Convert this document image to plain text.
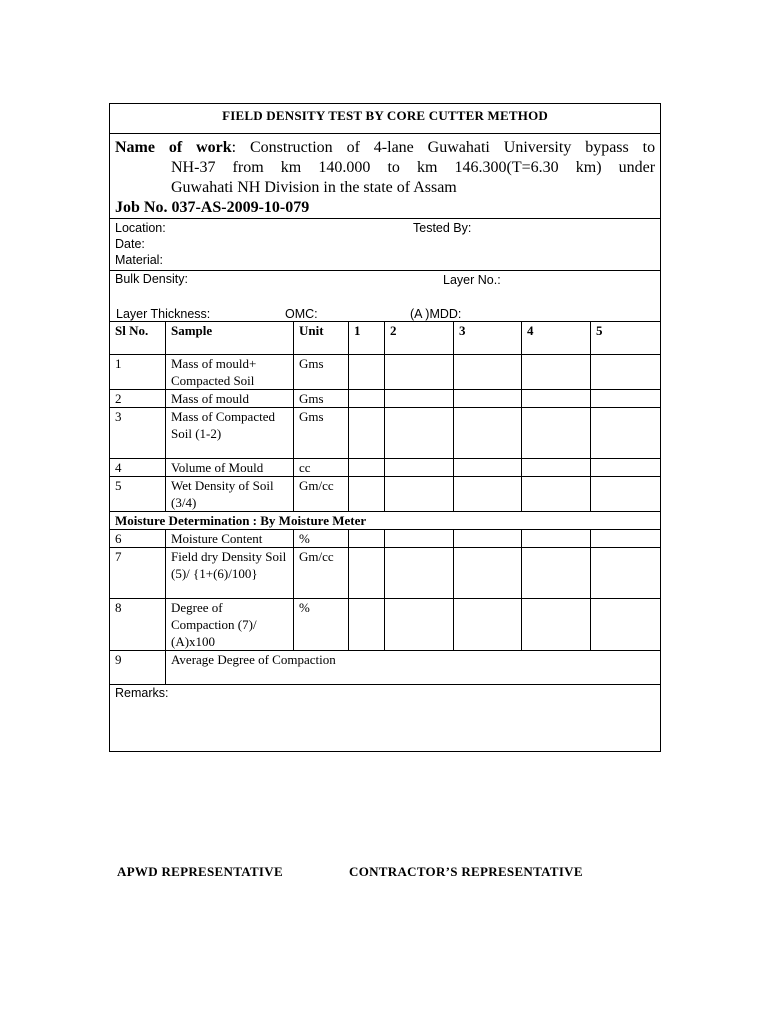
FIELD DENSITY TEST BY CORE CUTTER METHOD							

Name of work: Construction of 4-lane Guwahati University bypass to
NH-37 from km 140.000 to km 146.300(T=6.30 km) under
Guwahati NH Division in the state of Assam
Job No. 037-AS-2009-10-079							

Location:
Date:
Material:
Tested By:							

Bulk Density: Layer No.:
Layer Thickness: OMC: (A )MDD:							

Sl No.	Sample	Unit	1	2	3	4	5
1	Mass of mould+ Compacted Soil	Gms					
2	Mass of mould	Gms					
3	Mass of Compacted Soil (1-2)	Gms					
4	Volume of Mould	cc					
5	Wet Density of Soil (3/4)	Gm/cc					
Moisture Determination : By Moisture Meter							
6	Moisture Content	%					
7	Field dry Density Soil (5)/ {1+(6)/100}	Gm/cc					
8	Degree of Compaction (7)/ (A)x100	%					
9	Average Degree of Compaction						
Remarks:							
APWD REPRESENTATIVE	CONTRACTOR’S REPRESENTATIVE
